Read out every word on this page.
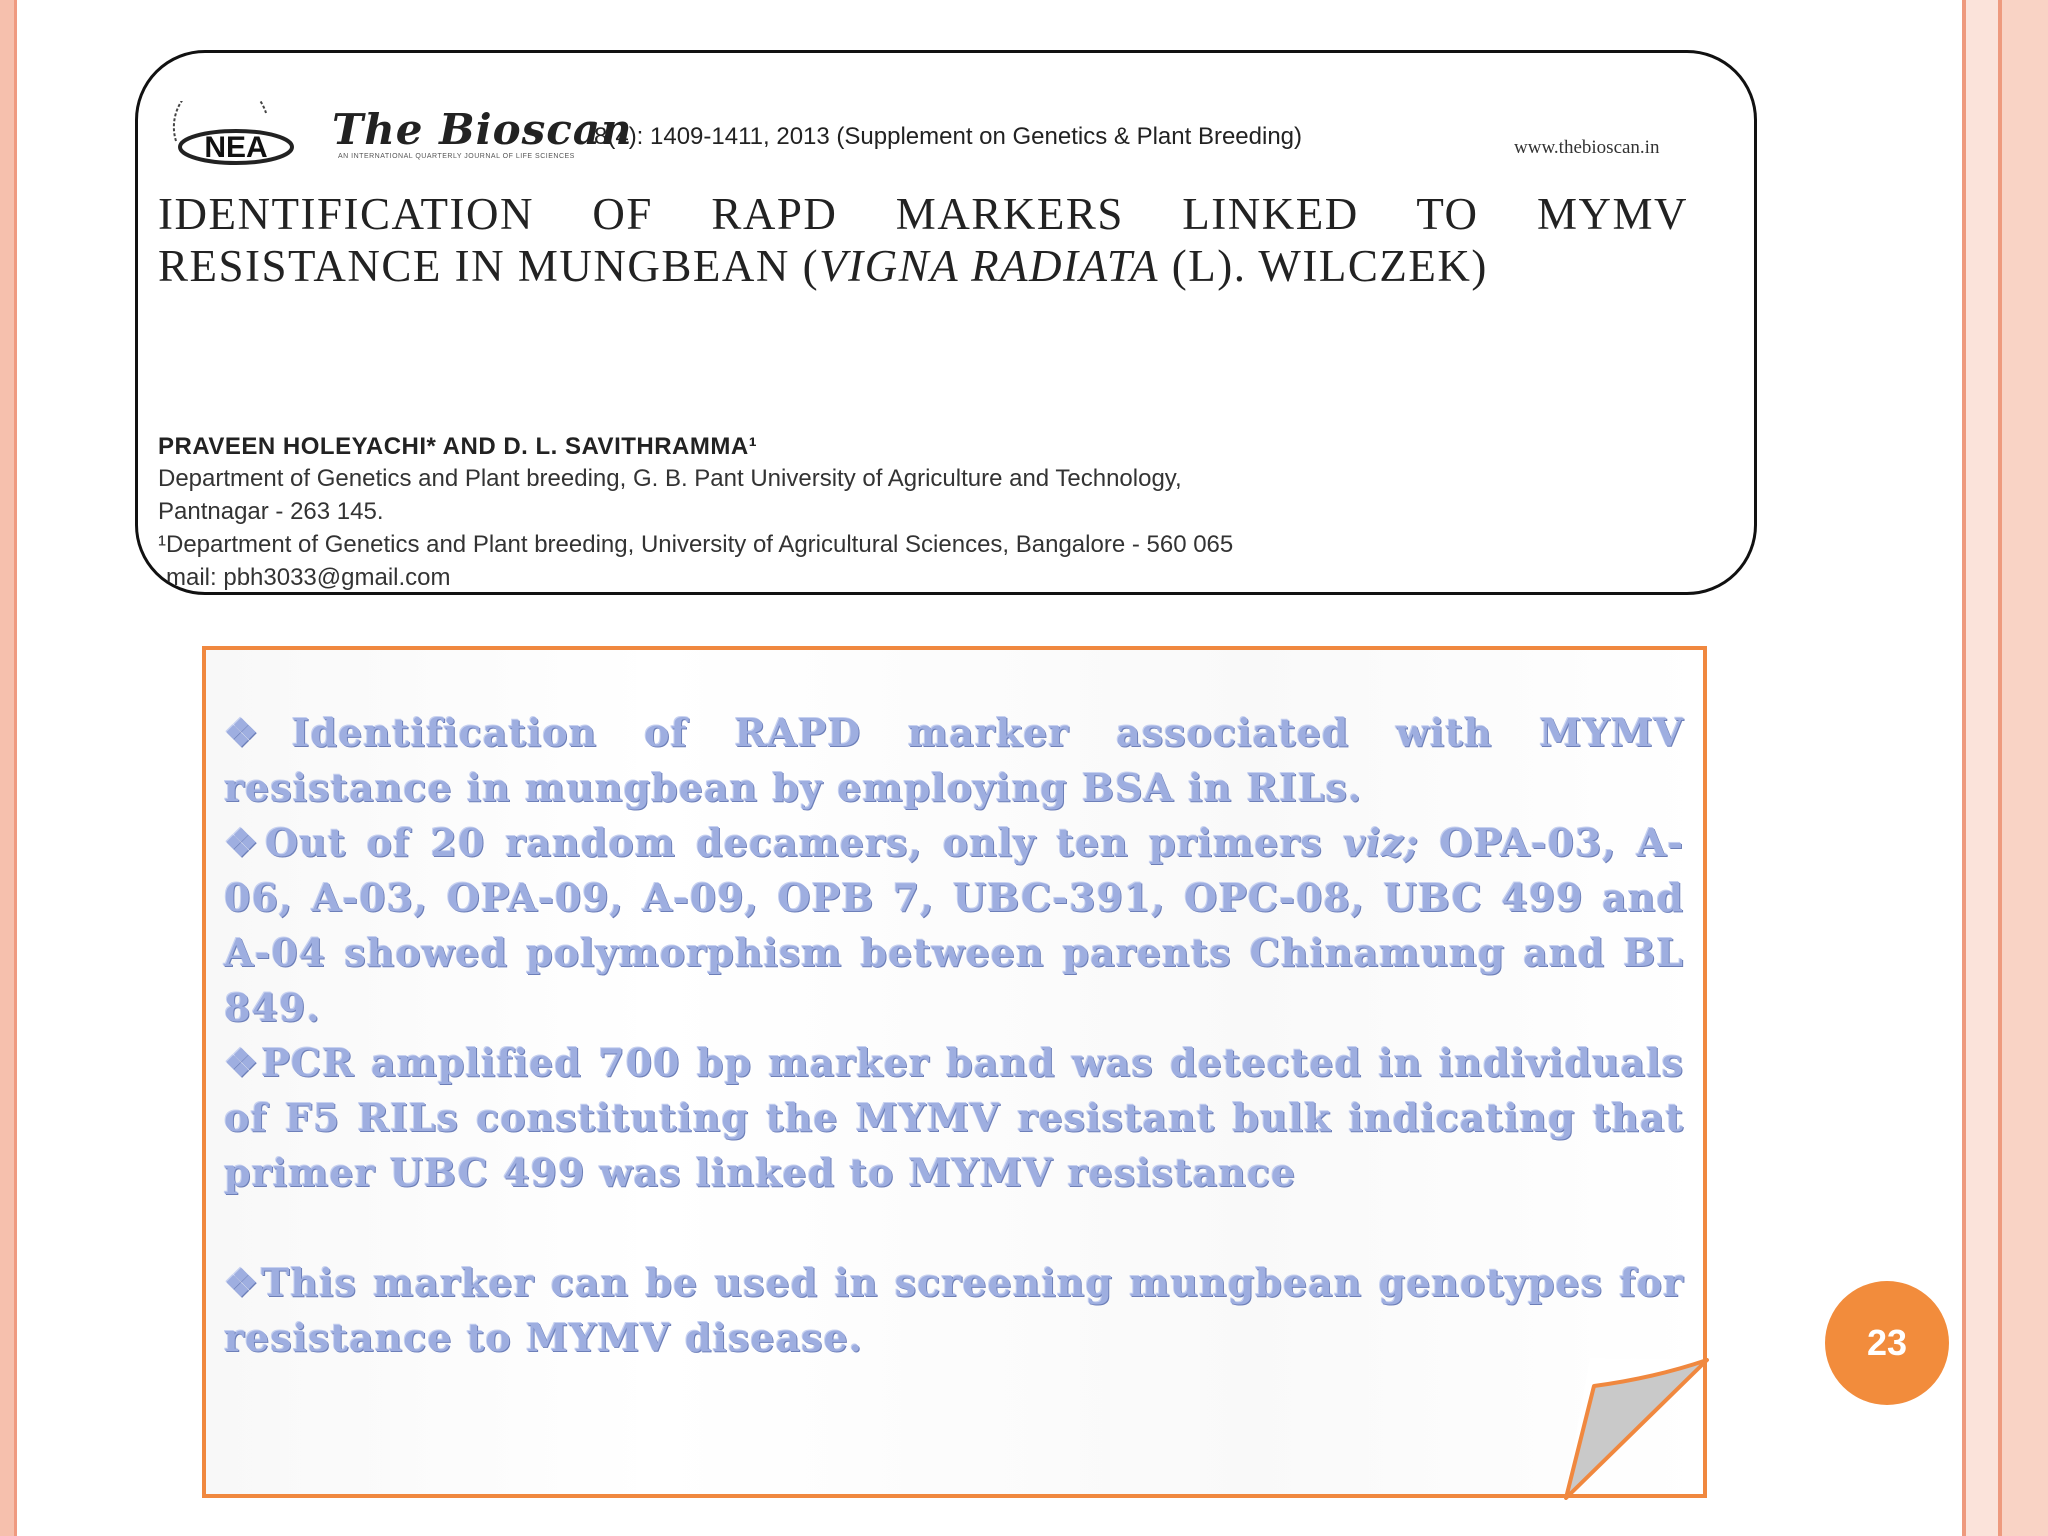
NEA The Bioscan
AN INTERNATIONAL QUARTERLY JOURNAL OF LIFE SCIENCES
8(4): 1409-1411, 2013 (Supplement on Genetics & Plant Breeding)	www.thebioscan.in
IDENTIFICATION OF RAPD MARKERS LINKED TO MYMV
RESISTANCE IN MUNGBEAN (VIGNA RADIATA (L). WILCZEK)
PRAVEEN HOLEYACHI* AND D. L. SAVITHRAMMA¹
Department of Genetics and Plant breeding, G. B. Pant University of Agriculture and Technology,
Pantnagar - 263 145.
¹Department of Genetics and Plant breeding, University of Agricultural Sciences, Bangalore - 560 065
mail: pbh3033@gmail.com

❖Identification of RAPD marker associated with MYMV resistance in mungbean by employing BSA in RILs.

❖Out of 20 random decamers, only ten primers viz; OPA-03, A-06, A-03, OPA-09, A-09, OPB 7, UBC-391, OPC-08, UBC 499 and A-04 showed polymorphism between parents Chinamung and BL 849.

❖PCR amplified 700 bp marker band was detected in individuals of F5 RILs constituting the MYMV resistant bulk indicating that primer UBC 499 was linked to MYMV resistance

❖This marker can be used in screening mungbean genotypes for resistance to MYMV disease.	23
